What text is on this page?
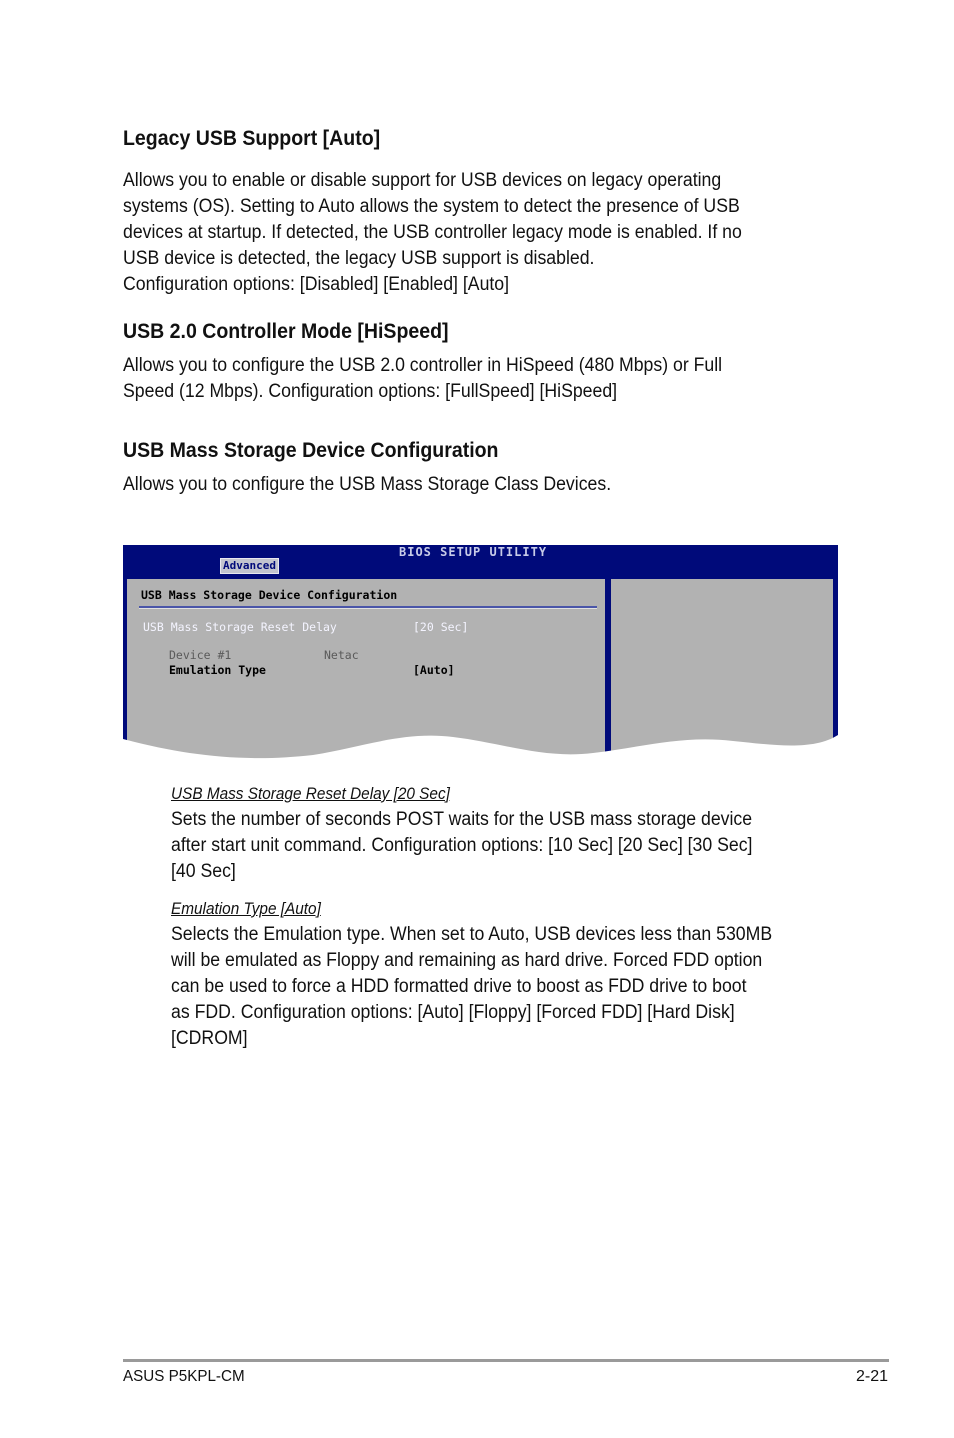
Legacy USB Support [Auto]
Allows you to enable or disable support for USB devices on legacy operating
systems (OS). Setting to Auto allows the system to detect the presence of USB
devices at startup. If detected, the USB controller legacy mode is enabled. If no
USB device is detected, the legacy USB support is disabled.
Configuration options: [Disabled] [Enabled] [Auto]
USB 2.0 Controller Mode [HiSpeed]
Allows you to configure the USB 2.0 controller in HiSpeed (480 Mbps) or Full
Speed (12 Mbps). Configuration options: [FullSpeed] [HiSpeed]
USB Mass Storage Device Configuration
Allows you to configure the USB Mass Storage Class Devices.
BIOS SETUP UTILITY
Advanced
USB Mass Storage Device Configuration
USB Mass Storage Reset Delay	[20 Sec]
Device #1	Netac
Emulation Type	[Auto]
USB Mass Storage Reset Delay [20 Sec]
Sets the number of seconds POST waits for the USB mass storage device
after start unit command. Configuration options: [10 Sec] [20 Sec] [30 Sec]
[40 Sec]
Emulation Type [Auto]
Selects the Emulation type. When set to Auto, USB devices less than 530MB
will be emulated as Floppy and remaining as hard drive. Forced FDD option
can be used to force a HDD formatted drive to boost as FDD drive to boot
as FDD. Configuration options: [Auto] [Floppy] [Forced FDD] [Hard Disk]
[CDROM]

ASUS P5KPL-CM	2-21
